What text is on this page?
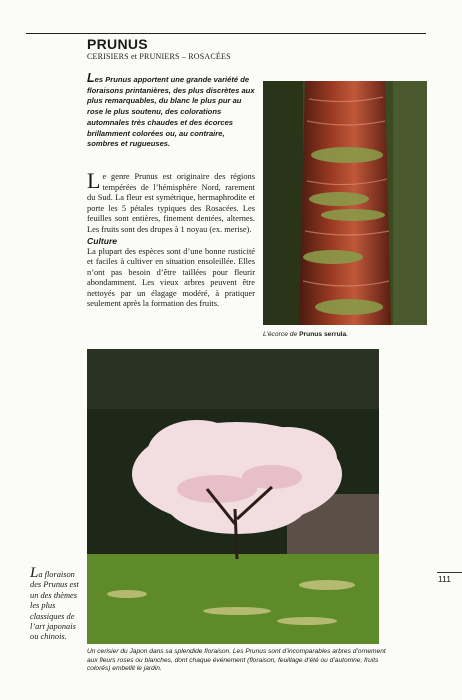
PRUNUS
CERISIERS et PRUNIERS – ROSACÉES
Les Prunus apportent une grande variété de floraisons printanières, des plus discrètes aux plus remarquables, du blanc le plus pur au rose le plus soutenu, des colorations automnales très chaudes et des écorces brillamment colorées ou, au contraire, sombres et rugueuses.
Le genre Prunus est originaire des régions tempérées de l’hémisphère Nord, rarement du Sud. La fleur est symétrique, hermaphrodite et porte les 5 pétales typiques des Rosacées. Les feuilles sont entières, finement dentées, alternes. Les fruits sont des drupes à 1 noyau (ex. merise).
Culture
La plupart des espèces sont d’une bonne rusticité et faciles à cultiver en situation ensoleillée. Elles n’ont pas besoin d’être taillées pour fleurir abondamment. Les vieux arbres peuvent être nettoyés par un élagage modéré, à pratiquer seulement après la formation des fruits.
L’écorce de Prunus serrula.
Un cerisier du Japon dans sa splendide floraison. Les Prunus sont d’incomparables arbres d’ornement aux fleurs roses ou blanches, dont chaque événement (floraison, feuillage d’été ou d’automne, fruits colorés) embellit le jardin.
La floraison des Prunus est un des thèmes les plus classiques de l’art japonais ou chinois.
111
